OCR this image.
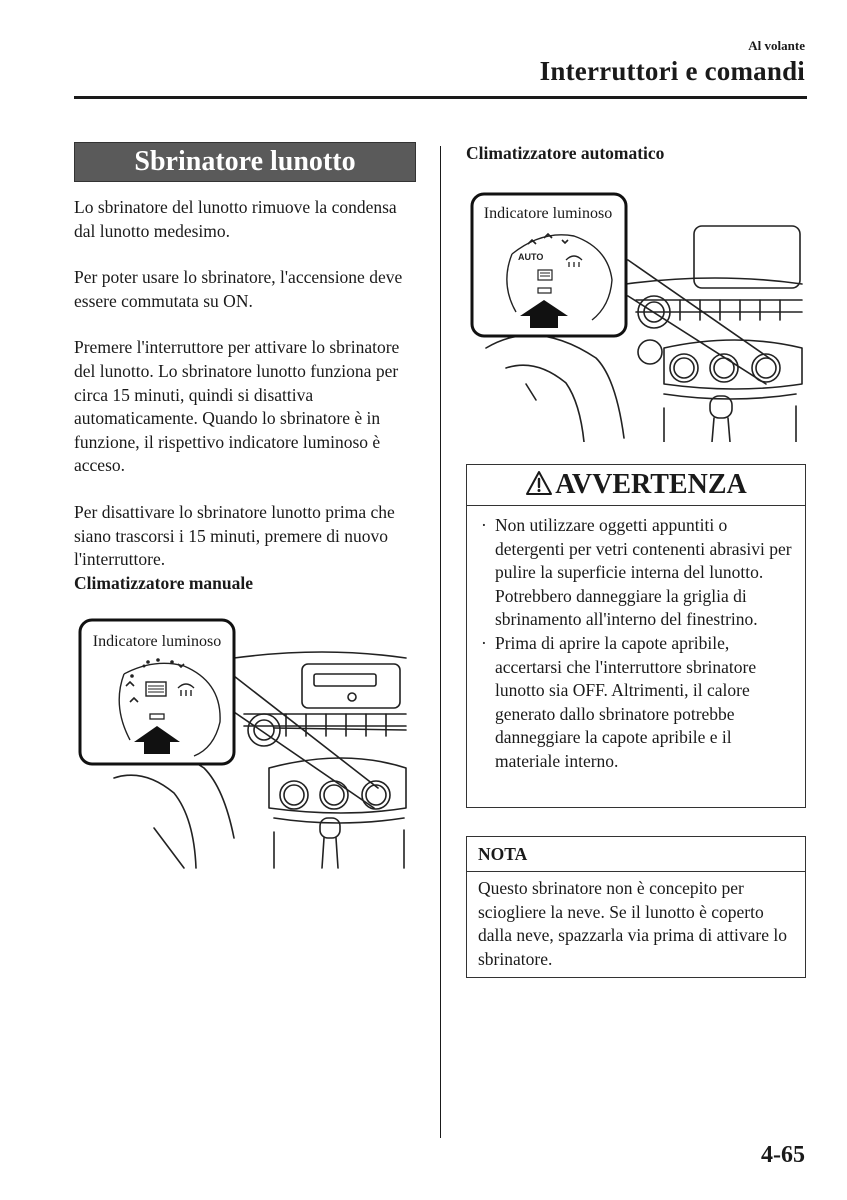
Al volante
Interruttori e comandi
Sbrinatore lunotto

Lo sbrinatore del lunotto rimuove la condensa dal lunotto medesimo.

Per poter usare lo sbrinatore, l'accensione deve essere commutata su ON.

Premere l'interruttore per attivare lo sbrinatore del lunotto. Lo sbrinatore lunotto funziona per circa 15 minuti, quindi si disattiva automaticamente. Quando lo sbrinatore è in funzione, il rispettivo indicatore luminoso è acceso.

Per disattivare lo sbrinatore lunotto prima che siano trascorsi i 15 minuti, premere di nuovo l'interruttore.

Climatizzatore manuale

Indicatore luminoso
Climatizzatore automatico
AUTO
Indicatore luminoso
AVVERTENZA
· Non utilizzare oggetti appuntiti o detergenti per vetri contenenti abrasivi per pulire la superficie interna del lunotto. Potrebbero danneggiare la griglia di sbrinamento all'interno del finestrino.
· Prima di aprire la capote apribile, accertarsi che l'interruttore sbrinatore lunotto sia OFF. Altrimenti, il calore generato dallo sbrinatore potrebbe danneggiare la capote apribile e il materiale interno.
NOTA

Questo sbrinatore non è concepito per sciogliere la neve. Se il lunotto è coperto dalla neve, spazzarla via prima di attivare lo sbrinatore.

4-65
